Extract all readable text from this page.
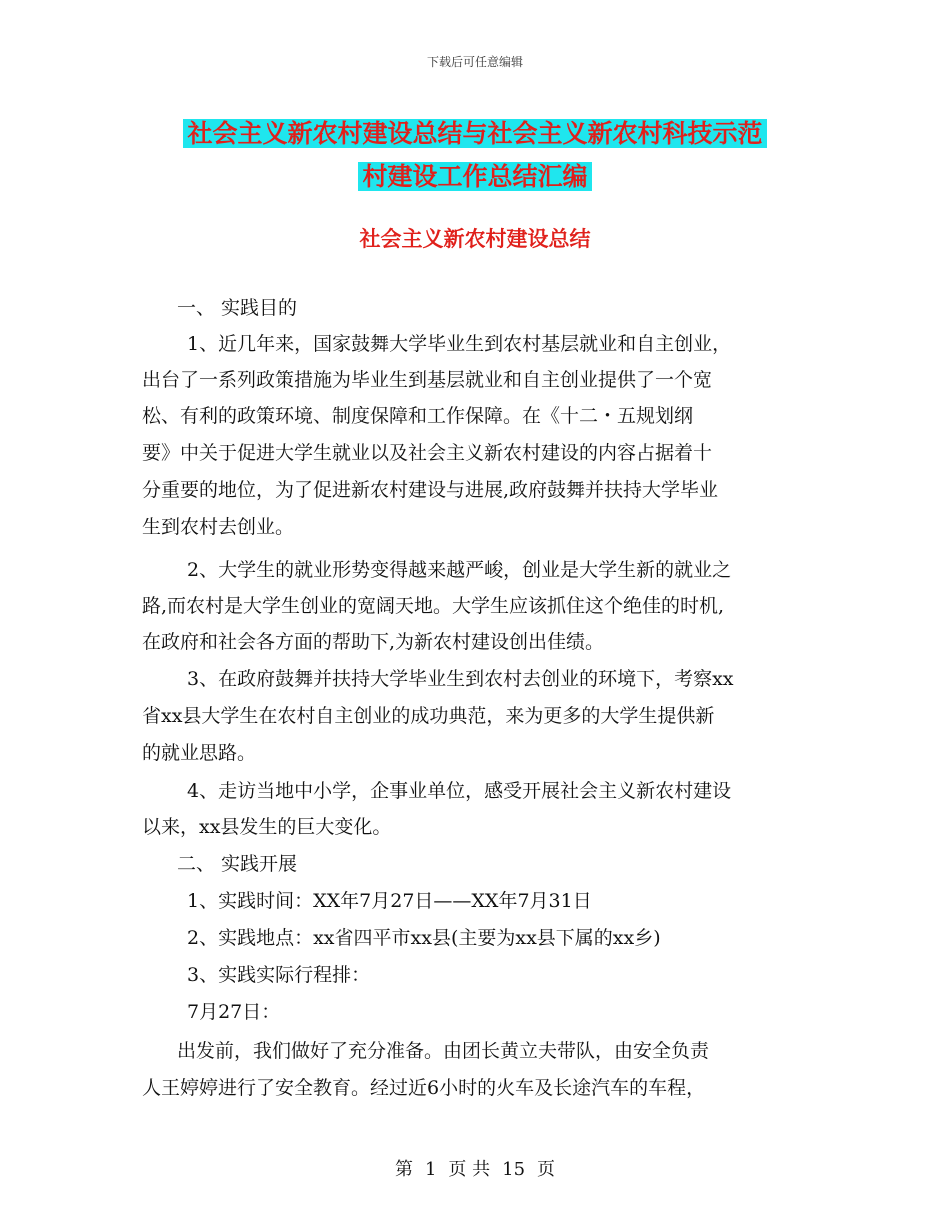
下载后可任意编辑
社会主义新农村建设总结与社会主义新农村科技示范
村建设工作总结汇编
社会主义新农村建设总结
一、 实践目的
1、近几年来，国家鼓舞大学毕业生到农村基层就业和自主创业，
出台了一系列政策措施为毕业生到基层就业和自主创业提供了一个宽
松、有利的政策环境、制度保障和工作保障。在《十二・五规划纲
要》中关于促进大学生就业以及社会主义新农村建设的内容占据着十
分重要的地位，为了促进新农村建设与进展,政府鼓舞并扶持大学毕业
生到农村去创业。
2、大学生的就业形势变得越来越严峻，创业是大学生新的就业之
路,而农村是大学生创业的宽阔天地。大学生应该抓住这个绝佳的时机,
在政府和社会各方面的帮助下,为新农村建设创出佳绩。
3、在政府鼓舞并扶持大学毕业生到农村去创业的环境下，考察xx
省xx县大学生在农村自主创业的成功典范，来为更多的大学生提供新
的就业思路。
4、走访当地中小学，企事业单位，感受开展社会主义新农村建设
以来，xx县发生的巨大变化。
二、 实践开展
1、实践时间：XX年7月27日——XX年7月31日
2、实践地点：xx省四平市xx县(主要为xx县下属的xx乡)
3、实践实际行程排：
7月27日：
出发前，我们做好了充分准备。由团长黄立夫带队，由安全负责
人王婷婷进行了安全教育。经过近6小时的火车及长途汽车的车程，
第 1 页 共 15 页
